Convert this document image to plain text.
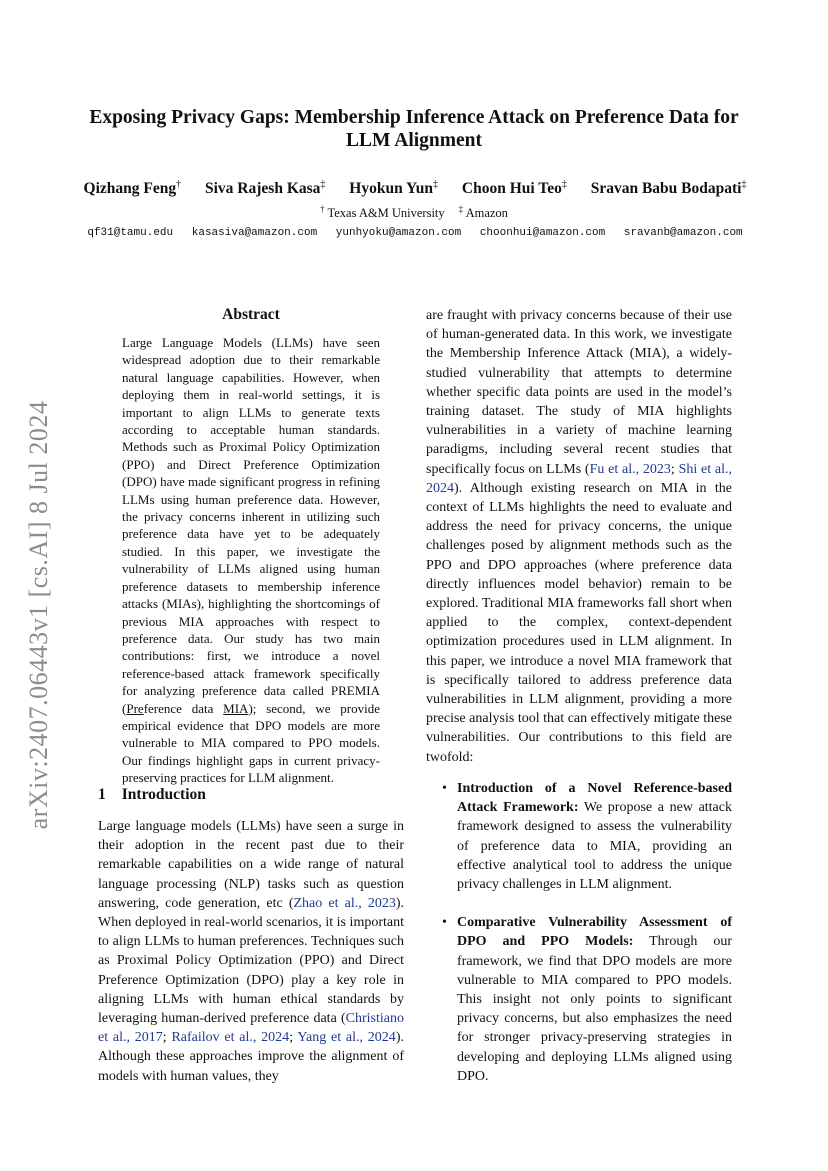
arXiv:2407.06443v1 [cs.AI] 8 Jul 2024
Exposing Privacy Gaps: Membership Inference Attack on Preference Data for LLM Alignment
Qizhang Feng† Siva Rajesh Kasa‡ Hyokun Yun‡ Choon Hui Teo‡ Sravan Babu Bodapati‡
† Texas A&M University ‡ Amazon
qf31@tamu.edu kasasiva@amazon.com yunhyoku@amazon.com choonhui@amazon.com sravanb@amazon.com
Abstract
Large Language Models (LLMs) have seen widespread adoption due to their remarkable natural language capabilities. However, when deploying them in real-world settings, it is important to align LLMs to generate texts according to acceptable human standards. Methods such as Proximal Policy Optimization (PPO) and Direct Preference Optimization (DPO) have made significant progress in refining LLMs using human preference data. However, the privacy concerns inherent in utilizing such preference data have yet to be adequately studied. In this paper, we investigate the vulnerability of LLMs aligned using human preference datasets to membership inference attacks (MIAs), highlighting the shortcomings of previous MIA approaches with respect to preference data. Our study has two main contributions: first, we introduce a novel reference-based attack framework specifically for analyzing preference data called PREMIA (Preference data MIA); second, we provide empirical evidence that DPO models are more vulnerable to MIA compared to PPO models. Our findings highlight gaps in current privacy-preserving practices for LLM alignment.
1 Introduction
Large language models (LLMs) have seen a surge in their adoption in the recent past due to their remarkable capabilities on a wide range of natural language processing (NLP) tasks such as question answering, code generation, etc (Zhao et al., 2023). When deployed in real-world scenarios, it is important to align LLMs to human preferences. Techniques such as Proximal Policy Optimization (PPO) and Direct Preference Optimization (DPO) play a key role in aligning LLMs with human ethical standards by leveraging human-derived preference data (Christiano et al., 2017; Rafailov et al., 2024; Yang et al., 2024). Although these approaches improve the alignment of models with human values, they
are fraught with privacy concerns because of their use of human-generated data. In this work, we investigate the Membership Inference Attack (MIA), a widely-studied vulnerability that attempts to determine whether specific data points are used in the model’s training dataset. The study of MIA highlights vulnerabilities in a variety of machine learning paradigms, including several recent studies that specifically focus on LLMs (Fu et al., 2023; Shi et al., 2024). Although existing research on MIA in the context of LLMs highlights the need to evaluate and address the need for privacy concerns, the unique challenges posed by alignment methods such as the PPO and DPO approaches (where preference data directly influences model behavior) remain to be explored. Traditional MIA frameworks fall short when applied to the complex, context-dependent optimization procedures used in LLM alignment. In this paper, we introduce a novel MIA framework that is specifically tailored to address preference data vulnerabilities in LLM alignment, providing a more precise analysis tool that can effectively mitigate these vulnerabilities. Our contributions to this field are twofold:
• Introduction of a Novel Reference-based Attack Framework: We propose a new attack framework designed to assess the vulnerability of preference data to MIA, providing an effective analytical tool to address the unique privacy challenges in LLM alignment.
• Comparative Vulnerability Assessment of DPO and PPO Models: Through our framework, we find that DPO models are more vulnerable to MIA compared to PPO models. This insight not only points to significant privacy concerns, but also emphasizes the need for stronger privacy-preserving strategies in developing and deploying LLMs aligned using DPO.
